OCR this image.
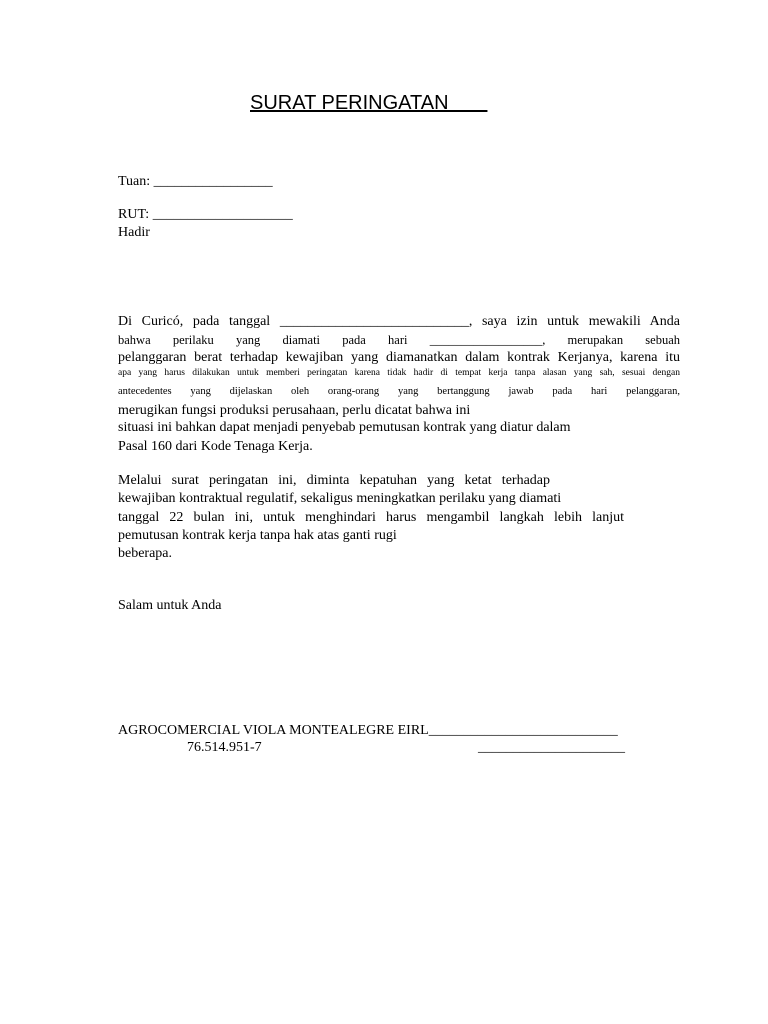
SURAT PERINGATAN
Tuan: _________________
RUT: ____________________
Hadir
Di Curicó, pada tanggal ___________________________, saya izin untuk mewakili Anda
bahwa perilaku yang diamati pada hari __________________, merupakan sebuah
pelanggaran berat terhadap kewajiban yang diamanatkan dalam kontrak Kerjanya, karena itu
apa yang harus dilakukan untuk memberi peringatan karena tidak hadir di tempat kerja tanpa alasan yang sah, sesuai dengan
antecedentes yang dijelaskan oleh orang-orang yang bertanggung jawab pada hari pelanggaran,
merugikan fungsi produksi perusahaan, perlu dicatat bahwa ini
situasi ini bahkan dapat menjadi penyebab pemutusan kontrak yang diatur dalam
Pasal 160 dari Kode Tenaga Kerja.
Melalui surat peringatan ini, diminta kepatuhan yang ketat terhadap
kewajiban kontraktual regulatif, sekaligus meningkatkan perilaku yang diamati
tanggal 22 bulan ini, untuk menghindari harus mengambil langkah lebih lanjut
pemutusan kontrak kerja tanpa hak atas ganti rugi
beberapa.
Salam untuk Anda
AGROCOMERCIAL VIOLA MONTEALEGRE EIRL___________________________
76.514.951-7	_____________________
